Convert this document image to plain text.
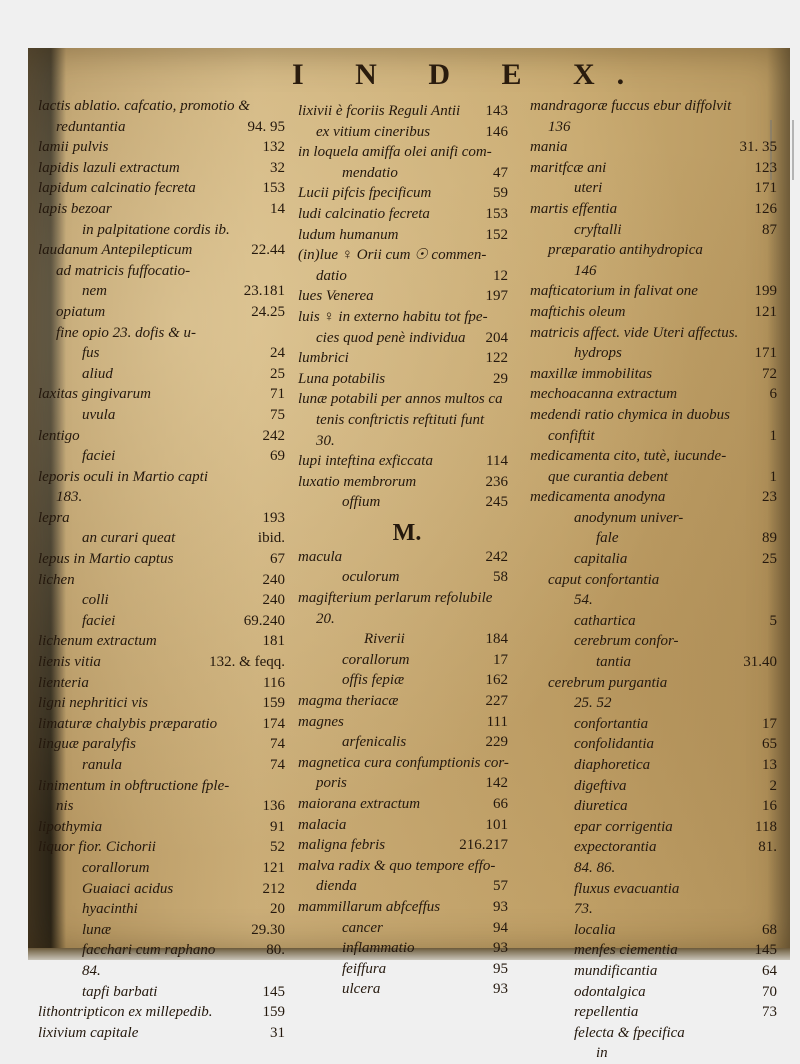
I N D E X.
lactis ablatio. cafcatio, promotio &
reduntantia	94. 95
lamii pulvis	132
lapidis lazuli extractum	32
lapidum calcinatio fecreta	153
lapis bezoar	14
in palpitatione cordis ib.
laudanum Antepilepticum	22.44
ad matricis fuffocatio-
nem	23.181
opiatum	24.25
fine opio 23. dofis & u-
fus	24
aliud	25
laxitas gingivarum	71
uvula	75
lentigo	242
faciei	69
leporis oculi in Martio capti
183.
lepra	193
an curari queat	ibid.
lepus in Martio captus	67
lichen	240
colli	240
faciei	69.240
lichenum extractum	181
lienis vitia	132. & feqq.
lienteria	116
ligni nephritici vis	159
limaturæ chalybis præparatio	174
linguæ paralyfis	74
ranula	74
linimentum in obftructione fple-
nis	136
lipothymia	91
liquor fior. Cichorii	52
corallorum	121
Guaiaci acidus	212
hyacinthi	20
lunæ	29.30
facchari cum raphano	80.
84.
tapfi barbati	145
lithontripticon ex millepedib.	159
lixivium capitale	31
lixivii è fcoriis Reguli Antii 143
ex vitium cineribus	146
in loquela amiffa olei anifi com-
mendatio	47
Lucii pifcis fpecificum	59
ludi calcinatio fecreta	153
ludum humanum	152
(in)lue ♀ Orii cum ☉ commen-
datio	12
lues Venerea	197
luis ♀ in externo habitu tot fpe-
cies quod penè individua 204
lumbrici	122
Luna potabilis	29
lunæ potabili per annos multos ca
tenis conftrictis reftituti funt
30.
lupi inteftina exficcata	114
luxatio membrorum	236
offium	245
M.
macula	242
oculorum	58
magifterium perlarum refolubile
20.
Riverii	184
corallorum	17
offis fepiæ	162
magma theriacæ	227
magnes	111
arfenicalis	229
magnetica cura confumptionis cor-
poris	142
maiorana extractum	66
malacia	101
maligna febris	216.217
malva radix & quo tempore effo-
dienda	57
mammillarum abfceffus	93
cancer	94
inflammatio	93
feiffura	95
ulcera	93
mandragoræ fuccus ebur diffolvit
136
mania	31. 35
maritfcæ ani	123
uteri	171
martis effentia	126
cryftalli	87
præparatio antihydropica
146
mafticatorium in falivat one	199
maftichis oleum	121
matricis affect. vide Uteri affectus.
hydrops	171
maxillæ immobilitas	72
mechoacanna extractum	6
medendi ratio chymica in duobus
confiftit	1
medicamenta cito, tutè, iucunde-
que curantia debent	1
medicamenta anodyna	23
anodynum univer-
fale	89
capitalia	25
caput confortantia
54.
cathartica	5
cerebrum confor-
tantia	31.40
cerebrum purgantia
25. 52
confortantia	17
confolidantia	65
diaphoretica	13
digeftiva	2
diuretica	16
epar corrigentia	118
expectorantia	81.
84. 86.
fluxus evacuantia
73.
localia	68
menfes ciementia	145
mundificantia	64
odontalgica	70
repellentia	73
felecta & fpecifica
in
